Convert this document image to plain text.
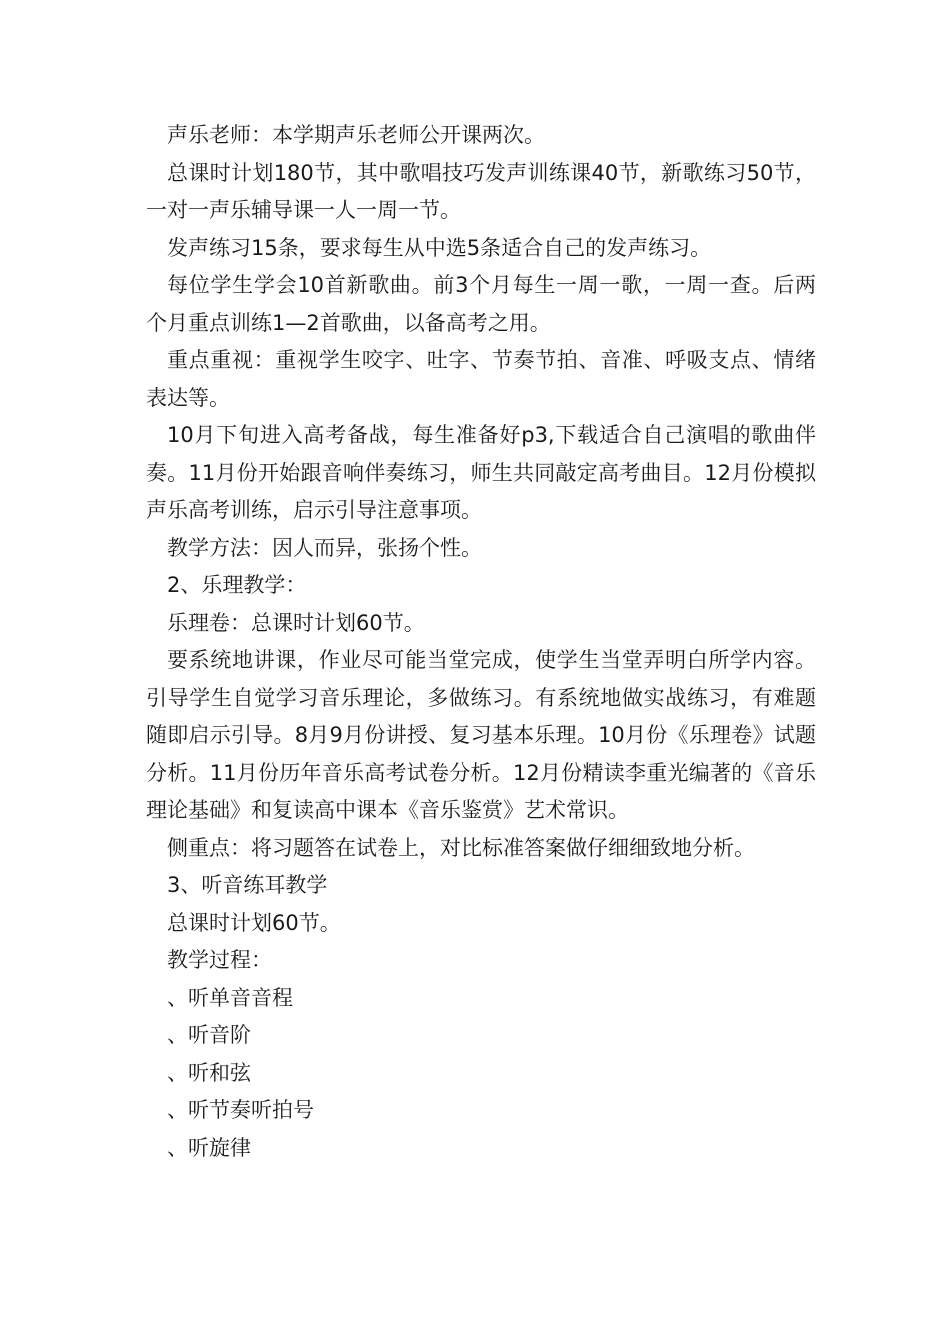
声乐老师：本学期声乐老师公开课两次。

总课时计划180节，其中歌唱技巧发声训练课40节，新歌练习50节，一对一声乐辅导课一人一周一节。

发声练习15条，要求每生从中选5条适合自己的发声练习。

每位学生学会10首新歌曲。前3个月每生一周一歌，一周一查。后两个月重点训练1—2首歌曲，以备高考之用。

重点重视：重视学生咬字、吐字、节奏节拍、音准、呼吸支点、情绪表达等。

10月下旬进入高考备战，每生准备好p3,下载适合自己演唱的歌曲伴奏。11月份开始跟音响伴奏练习，师生共同敲定高考曲目。12月份模拟声乐高考训练，启示引导注意事项。

教学方法：因人而异，张扬个性。

2、乐理教学：

乐理卷：总课时计划60节。

要系统地讲课，作业尽可能当堂完成，使学生当堂弄明白所学内容。引导学生自觉学习音乐理论，多做练习。有系统地做实战练习，有难题随即启示引导。8月9月份讲授、复习基本乐理。10月份《乐理卷》试题分析。11月份历年音乐高考试卷分析。12月份精读李重光编著的《音乐理论基础》和复读高中课本《音乐鉴赏》艺术常识。

侧重点：将习题答在试卷上，对比标准答案做仔细细致地分析。

3、听音练耳教学

总课时计划60节。

教学过程：

、听单音音程

、听音阶

、听和弦

、听节奏听拍号

、听旋律
